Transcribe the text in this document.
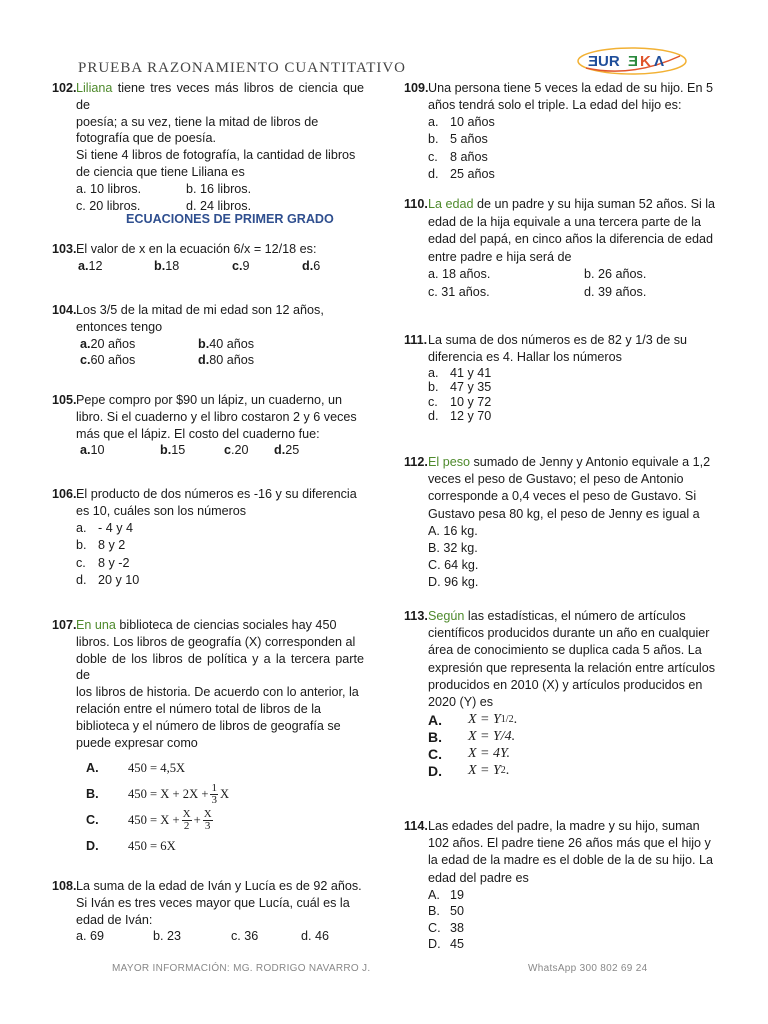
PRUEBA RAZONAMIENTO CUANTITATIVO	ƎUR Ǝ K Λ
102. Liliana tiene tres veces más libros de ciencia que de
poesía; a su vez, tiene la mitad de libros de
fotografía que de poesía.
Si tiene 4 libros de fotografía, la cantidad de libros
de ciencia que tiene Liliana es
a. 10 libros.	b. 16 libros.
c. 20 libros.	d. 24 libros.
ECUACIONES DE PRIMER GRADO
103. El valor de x en la ecuación 6/x = 12/18 es:
a.12	b.18	c.9	d.6
104. Los 3/5 de la mitad de mi edad son 12 años,
entonces tengo
a.20 años	b.40 años
c.60 años	d.80 años
105. Pepe compro por $90 un lápiz, un cuaderno, un
libro. Si el cuaderno y el libro costaron 2 y 6 veces
más que el lápiz. El costo del cuaderno fue:
a.10	b.15	c.20	d.25
106. El producto de dos números es -16 y su diferencia
es 10, cuáles son los números
a. - 4 y 4
b. 8 y 2
c. 8 y -2
d. 20 y 10
107. En una biblioteca de ciencias sociales hay 450
libros. Los libros de geografía (X) corresponden al
doble de los libros de política y a la tercera parte de
los libros de historia. De acuerdo con lo anterior, la
relación entre el número total de libros de la
biblioteca y el número de libros de geografía se
puede expresar como
A.	450 = 4,5X
B.	$450 = X + 2X + \frac{1}{3}$ X
C.	$450 = X + \frac{X}{2} + \frac{X}{3}$
D.	450 = 6X
108. La suma de la edad de Iván y Lucía es de 92 años.
Si Iván es tres veces mayor que Lucía, cuál es la
edad de Iván:
a. 69	b. 23	c. 36	d. 46
109. Una persona tiene 5 veces la edad de su hijo. En 5
años tendrá solo el triple. La edad del hijo es:
a. 10 años
b. 5 años
c. 8 años
d. 25 años
110. La edad de un padre y su hija suman 52 años. Si la
edad de la hija equivale a una tercera parte de la
edad del papá, en cinco años la diferencia de edad
entre padre e hija será de
a. 18 años.	b. 26 años.
c. 31 años.	d. 39 años.
111. La suma de dos números es de 82 y 1/3 de su
diferencia es 4. Hallar los números
a. 41 y 41
b. 47 y 35
c. 10 y 72
d. 12 y 70
112. El peso sumado de Jenny y Antonio equivale a 1,2
veces el peso de Gustavo; el peso de Antonio
corresponde a 0,4 veces el peso de Gustavo. Si
Gustavo pesa 80 kg, el peso de Jenny es igual a
A. 16 kg.
B. 32 kg.
C. 64 kg.
D. 96 kg.
113. Según las estadísticas, el número de artículos
científicos producidos durante un año en cualquier
área de conocimiento se duplica cada 5 años. La
expresión que representa la relación entre artículos
producidos en 2010 (X) y artículos producidos en
2020 (Y) es
A.	X = Y 1/2 .
B.	X = Y/4.
C.	X = 4Y.
D.	X = Y 2 .
114. Las edades del padre, la madre y su hijo, suman
102 años. El padre tiene 26 años más que el hijo y
la edad de la madre es el doble de la de su hijo. La
edad del padre es
A. 19
B. 50
C. 38
D. 45
MAYOR INFORMACIÓN: MG. RODRIGO NAVARRO J.	WhatsApp 300 802 69 24
